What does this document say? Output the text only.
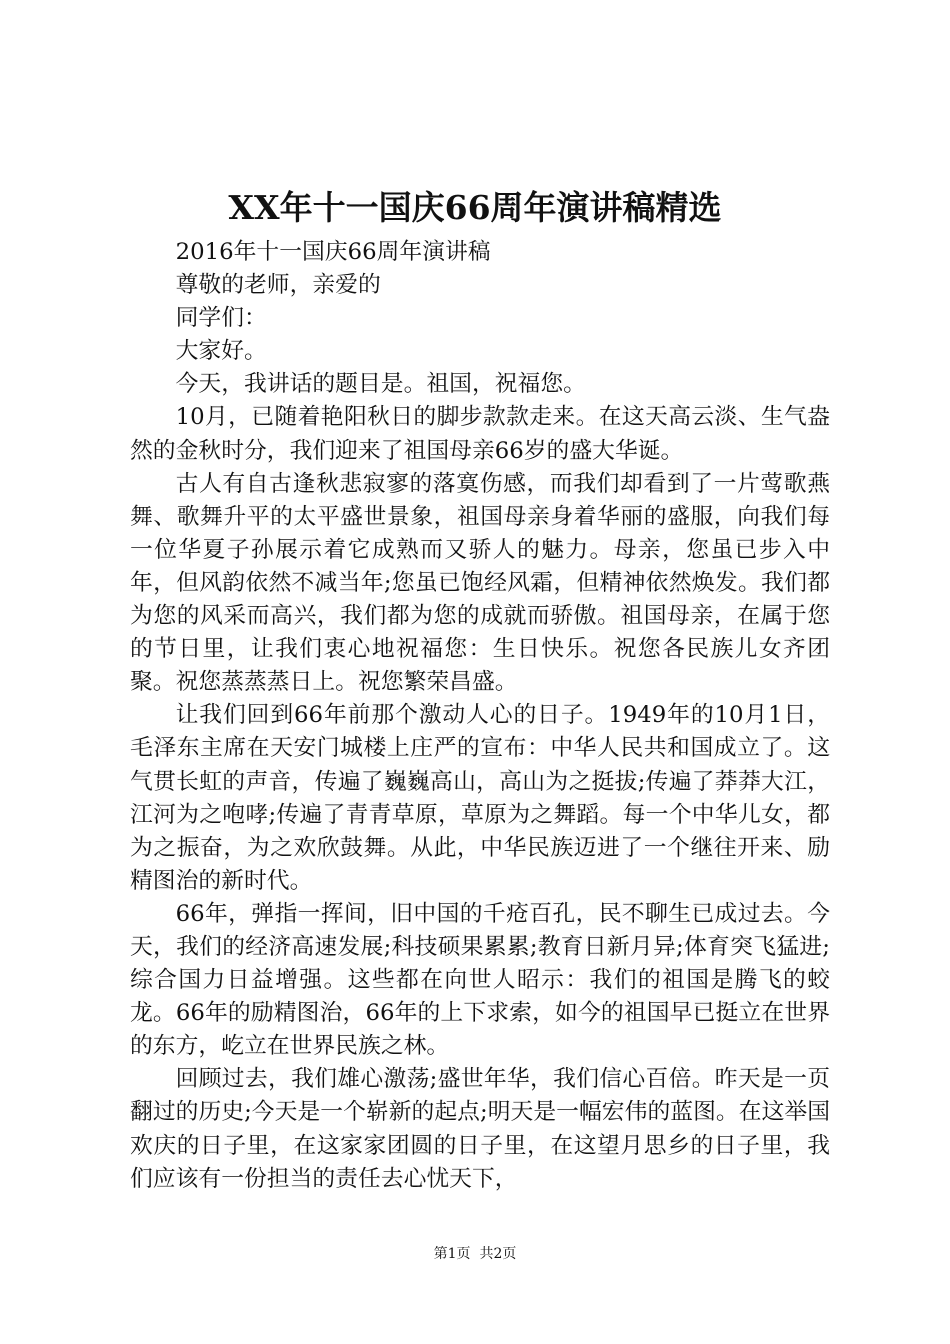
XX年十一国庆66周年演讲稿精选

2016年十一国庆66周年演讲稿

尊敬的老师，亲爱的

同学们：

大家好。

今天，我讲话的题目是。祖国，祝福您。

10月，已随着艳阳秋日的脚步款款走来。在这天高云淡、生气盎然的金秋时分，我们迎来了祖国母亲66岁的盛大华诞。

古人有自古逢秋悲寂寥的落寞伤感，而我们却看到了一片莺歌燕舞、歌舞升平的太平盛世景象，祖国母亲身着华丽的盛服，向我们每一位华夏子孙展示着它成熟而又骄人的魅力。母亲，您虽已步入中年，但风韵依然不减当年;您虽已饱经风霜，但精神依然焕发。我们都为您的风采而高兴，我们都为您的成就而骄傲。祖国母亲，在属于您的节日里，让我们衷心地祝福您：生日快乐。祝您各民族儿女齐团聚。祝您蒸蒸蒸日上。祝您繁荣昌盛。

让我们回到66年前那个激动人心的日子。1949年的10月1日，毛泽东主席在天安门城楼上庄严的宣布：中华人民共和国成立了。这气贯长虹的声音，传遍了巍巍高山，高山为之挺拔;传遍了莽莽大江，江河为之咆哮;传遍了青青草原，草原为之舞蹈。每一个中华儿女，都为之振奋，为之欢欣鼓舞。从此，中华民族迈进了一个继往开来、励精图治的新时代。

66年，弹指一挥间，旧中国的千疮百孔，民不聊生已成过去。今天，我们的经济高速发展;科技硕果累累;教育日新月异;体育突飞猛进;综合国力日益增强。这些都在向世人昭示：我们的祖国是腾飞的蛟龙。66年的励精图治，66年的上下求索，如今的祖国早已挺立在世界的东方，屹立在世界民族之林。

回顾过去，我们雄心激荡;盛世年华，我们信心百倍。昨天是一页翻过的历史;今天是一个崭新的起点;明天是一幅宏伟的蓝图。在这举国欢庆的日子里，在这家家团圆的日子里，在这望月思乡的日子里，我们应该有一份担当的责任去心忧天下，

第1页 共2页
